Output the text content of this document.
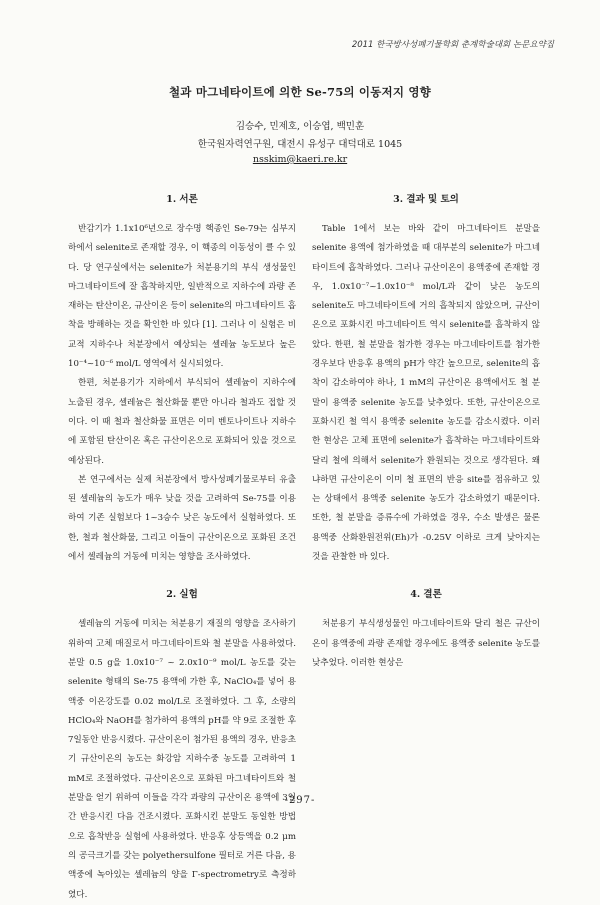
2011 한국방사성폐기물학회 춘계학술대회 논문요약집
철과 마그네타이트에 의한 Se-75의 이동저지 영향
김승수, 민제호, 이승엽, 백민훈
한국원자력연구원, 대전시 유성구 대덕대로 1045
nsskim@kaeri.re.kr
1. 서론

반감기가 1.1x10⁶년으로 장수명 핵종인 Se-79는 심부지하에서 selenite로 존재할 경우, 이 핵종의 이동성이 클 수 있다. 당 연구실에서는 selenite가 처분용기의 부식 생성물인 마그네타이트에 잘 흡착하지만, 일반적으로 지하수에 과량 존재하는 탄산이온, 규산이온 등이 selenite의 마그네타이트 흡착을 방해하는 것을 확인한 바 있다 [1]. 그러나 이 실험은 비교적 지하수나 처분장에서 예상되는 셀레늄 농도보다 높은 10⁻⁴~10⁻⁶ mol/L 영역에서 실시되었다.

한편, 처분용기가 지하에서 부식되어 셀레늄이 지하수에 노출된 경우, 셀레늄은 철산화물 뿐만 아니라 철과도 접할 것이다. 이 때 철과 철산화물 표면은 이미 벤토나이트나 지하수에 포함된 탄산이온 혹은 규산이온으로 포화되어 있을 것으로 예상된다.

본 연구에서는 실제 처분장에서 방사성폐기물로부터 유출된 셀레늄의 농도가 매우 낮을 것을 고려하여 Se-75를 이용하여 기존 실험보다 1~3승수 낮은 농도에서 실험하였다. 또한, 철과 철산화물, 그리고 이들이 규산이온으로 포화된 조건에서 셀레늄의 거동에 미치는 영향을 조사하였다.

2. 실험

셀레늄의 거동에 미치는 처분용기 재질의 영향을 조사하기 위하여 고체 매질로서 마그네타이트와 철 분말을 사용하였다. 분말 0.5 g을 1.0x10⁻⁷ ~ 2.0x10⁻⁹ mol/L 농도를 갖는 selenite 형태의 Se-75 용액에 가한 후, NaClO₄를 넣어 용액중 이온강도를 0.02 mol/L로 조절하였다. 그 후, 소량의 HClO₄와 NaOH를 첨가하여 용액의 pH를 약 9로 조절한 후 7일동안 반응시켰다. 규산이온이 첨가된 용액의 경우, 반응초기 규산이온의 농도는 화강암 지하수중 농도를 고려하여 1 mM로 조절하였다. 규산이온으로 포화된 마그네타이트와 철 분말을 얻기 위하여 이들을 각각 과량의 규산이온 용액에 3일간 반응시킨 다음 건조시켰다. 포화시킨 분말도 동일한 방법으로 흡착반응 실험에 사용하였다. 반응후 상등액을 0.2 μm의 공극크기를 갖는 polyethersulfone 필터로 거른 다음, 용액중에 녹아있는 셀레늄의 양을 Γ-spectrometry로 측정하였다.

3. 결과 및 토의

Table 1에서 보는 바와 같이 마그네타이트 분말을 selenite 용액에 첨가하였을 때 대부분의 selenite가 마그네타이트에 흡착하였다. 그러나 규산이온이 용액중에 존재할 경우, 1.0x10⁻⁷~1.0x10⁻⁸ mol/L과 같이 낮은 농도의 selenite도 마그네타이트에 거의 흡착되지 않았으며, 규산이온으로 포화시킨 마그네타이트 역시 selenite를 흡착하지 않았다. 한편, 철 분말을 첨가한 경우는 마그네타이트를 첨가한 경우보다 반응후 용액의 pH가 약간 높으므로, selenite의 흡착이 감소하여야 하나, 1 mM의 규산이온 용액에서도 철 분말이 용액중 selenite 농도를 낮추었다. 또한, 규산이온으로 포화시킨 철 역시 용액중 selenite 농도를 감소시켰다. 이러한 현상은 고체 표면에 selenite가 흡착하는 마그네타이트와 달리 철에 의해서 selenite가 환원되는 것으로 생각된다. 왜냐하면 규산이온이 이미 철 표면의 반응 site를 점유하고 있는 상태에서 용액중 selenite 농도가 감소하였기 때문이다. 또한, 철 분말을 증류수에 가하였을 경우, 수소 발생은 물론 용액중 산화환원전위(Eh)가 -0.25V 이하로 크게 낮아지는 것을 관찰한 바 있다.

4. 결론

처분용기 부식생성물인 마그네타이트와 달리 철은 규산이온이 용액중에 과량 존재할 경우에도 용액중 selenite 농도를 낮추었다. 이러한 현상은

-297-
